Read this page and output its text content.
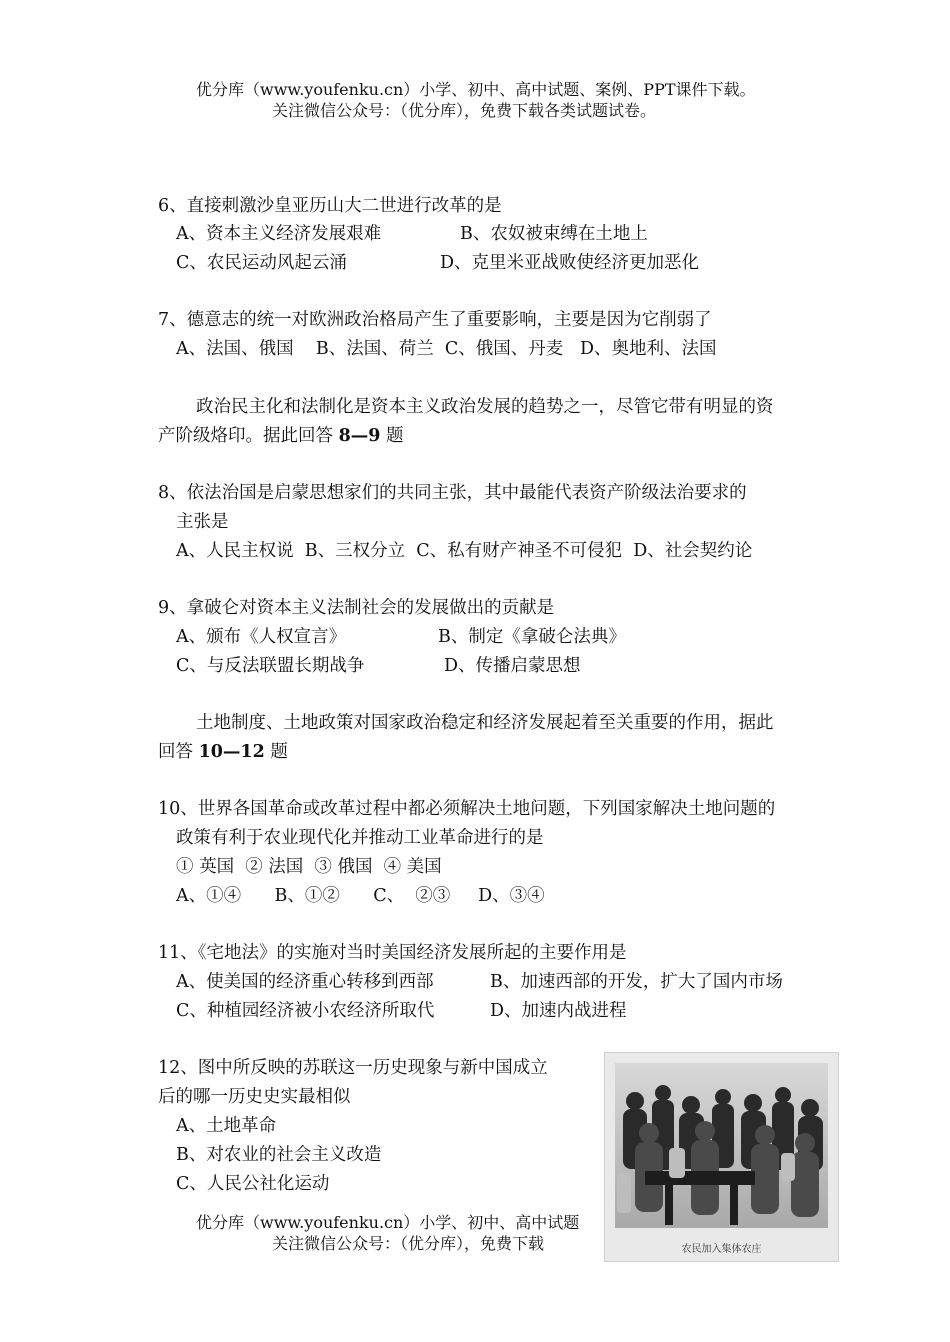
优分库（www.youfenku.cn）小学、初中、高中试题、案例、PPT课件下载。
关注微信公众号：（优分库），免费下载各类试题试卷。
6、直接刺激沙皇亚历山大二世进行改革的是
A、资本主义经济发展艰难	B、农奴被束缚在土地上
C、农民运动风起云涌	D、克里米亚战败使经济更加恶化
7、德意志的统一对欧洲政治格局产生了重要影响，主要是因为它削弱了
A、法国、俄国    B、法国、荷兰  C、俄国、丹麦   D、奥地利、法国
政治民主化和法制化是资本主义政治发展的趋势之一，尽管它带有明显的资
产阶级烙印。据此回答 8—9 题
8、依法治国是启蒙思想家们的共同主张，其中最能代表资产阶级法治要求的
主张是
A、人民主权说  B、三权分立  C、私有财产神圣不可侵犯  D、社会契约论
9、拿破仑对资本主义法制社会的发展做出的贡献是
A、颁布《人权宣言》	B、制定《拿破仑法典》
C、与反法联盟长期战争	D、传播启蒙思想
土地制度、土地政策对国家政治稳定和经济发展起着至关重要的作用，据此
回答 10—12 题
10、世界各国革命或改革过程中都必须解决土地问题，下列国家解决土地问题的
政策有利于农业现代化并推动工业革命进行的是
① 英国  ② 法国  ③ 俄国  ④ 美国
A、①④      B、①②      C、  ②③     D、③④
11、《宅地法》的实施对当时美国经济发展所起的主要作用是
A、使美国的经济重心转移到西部	B、加速西部的开发，扩大了国内市场
C、种植园经济被小农经济所取代	D、加速内战进程
12、图中所反映的苏联这一历史现象与新中国成立
后的哪一历史史实最相似
A、土地革命
B、对农业的社会主义改造
C、人民公社化运动
优分库（www.youfenku.cn）小学、初中、高中试题
关注微信公众号：（优分库），免费下载	农民加入集体农庄
